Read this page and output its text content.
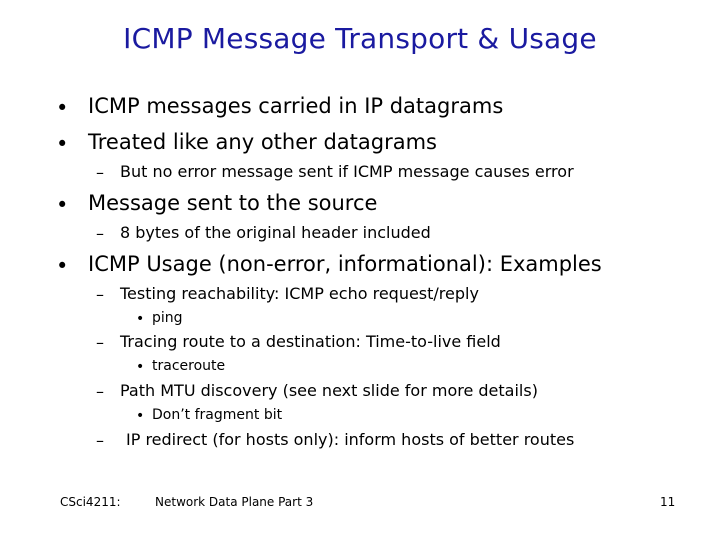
ICMP Message Transport & Usage
• ICMP messages carried in IP datagrams
• Treated like any other datagrams
– But no error message sent if ICMP message causes error
• Message sent to the source
– 8 bytes of the original header included
• ICMP Usage (non-error, informational): Examples
– Testing reachability: ICMP echo request/reply
• ping
– Tracing route to a destination: Time-to-live field
• traceroute
– Path MTU discovery (see next slide for more details)
• Don’t fragment bit
– IP redirect (for hosts only): inform hosts of better routes
CSci4211:	Network Data Plane Part 3	11
